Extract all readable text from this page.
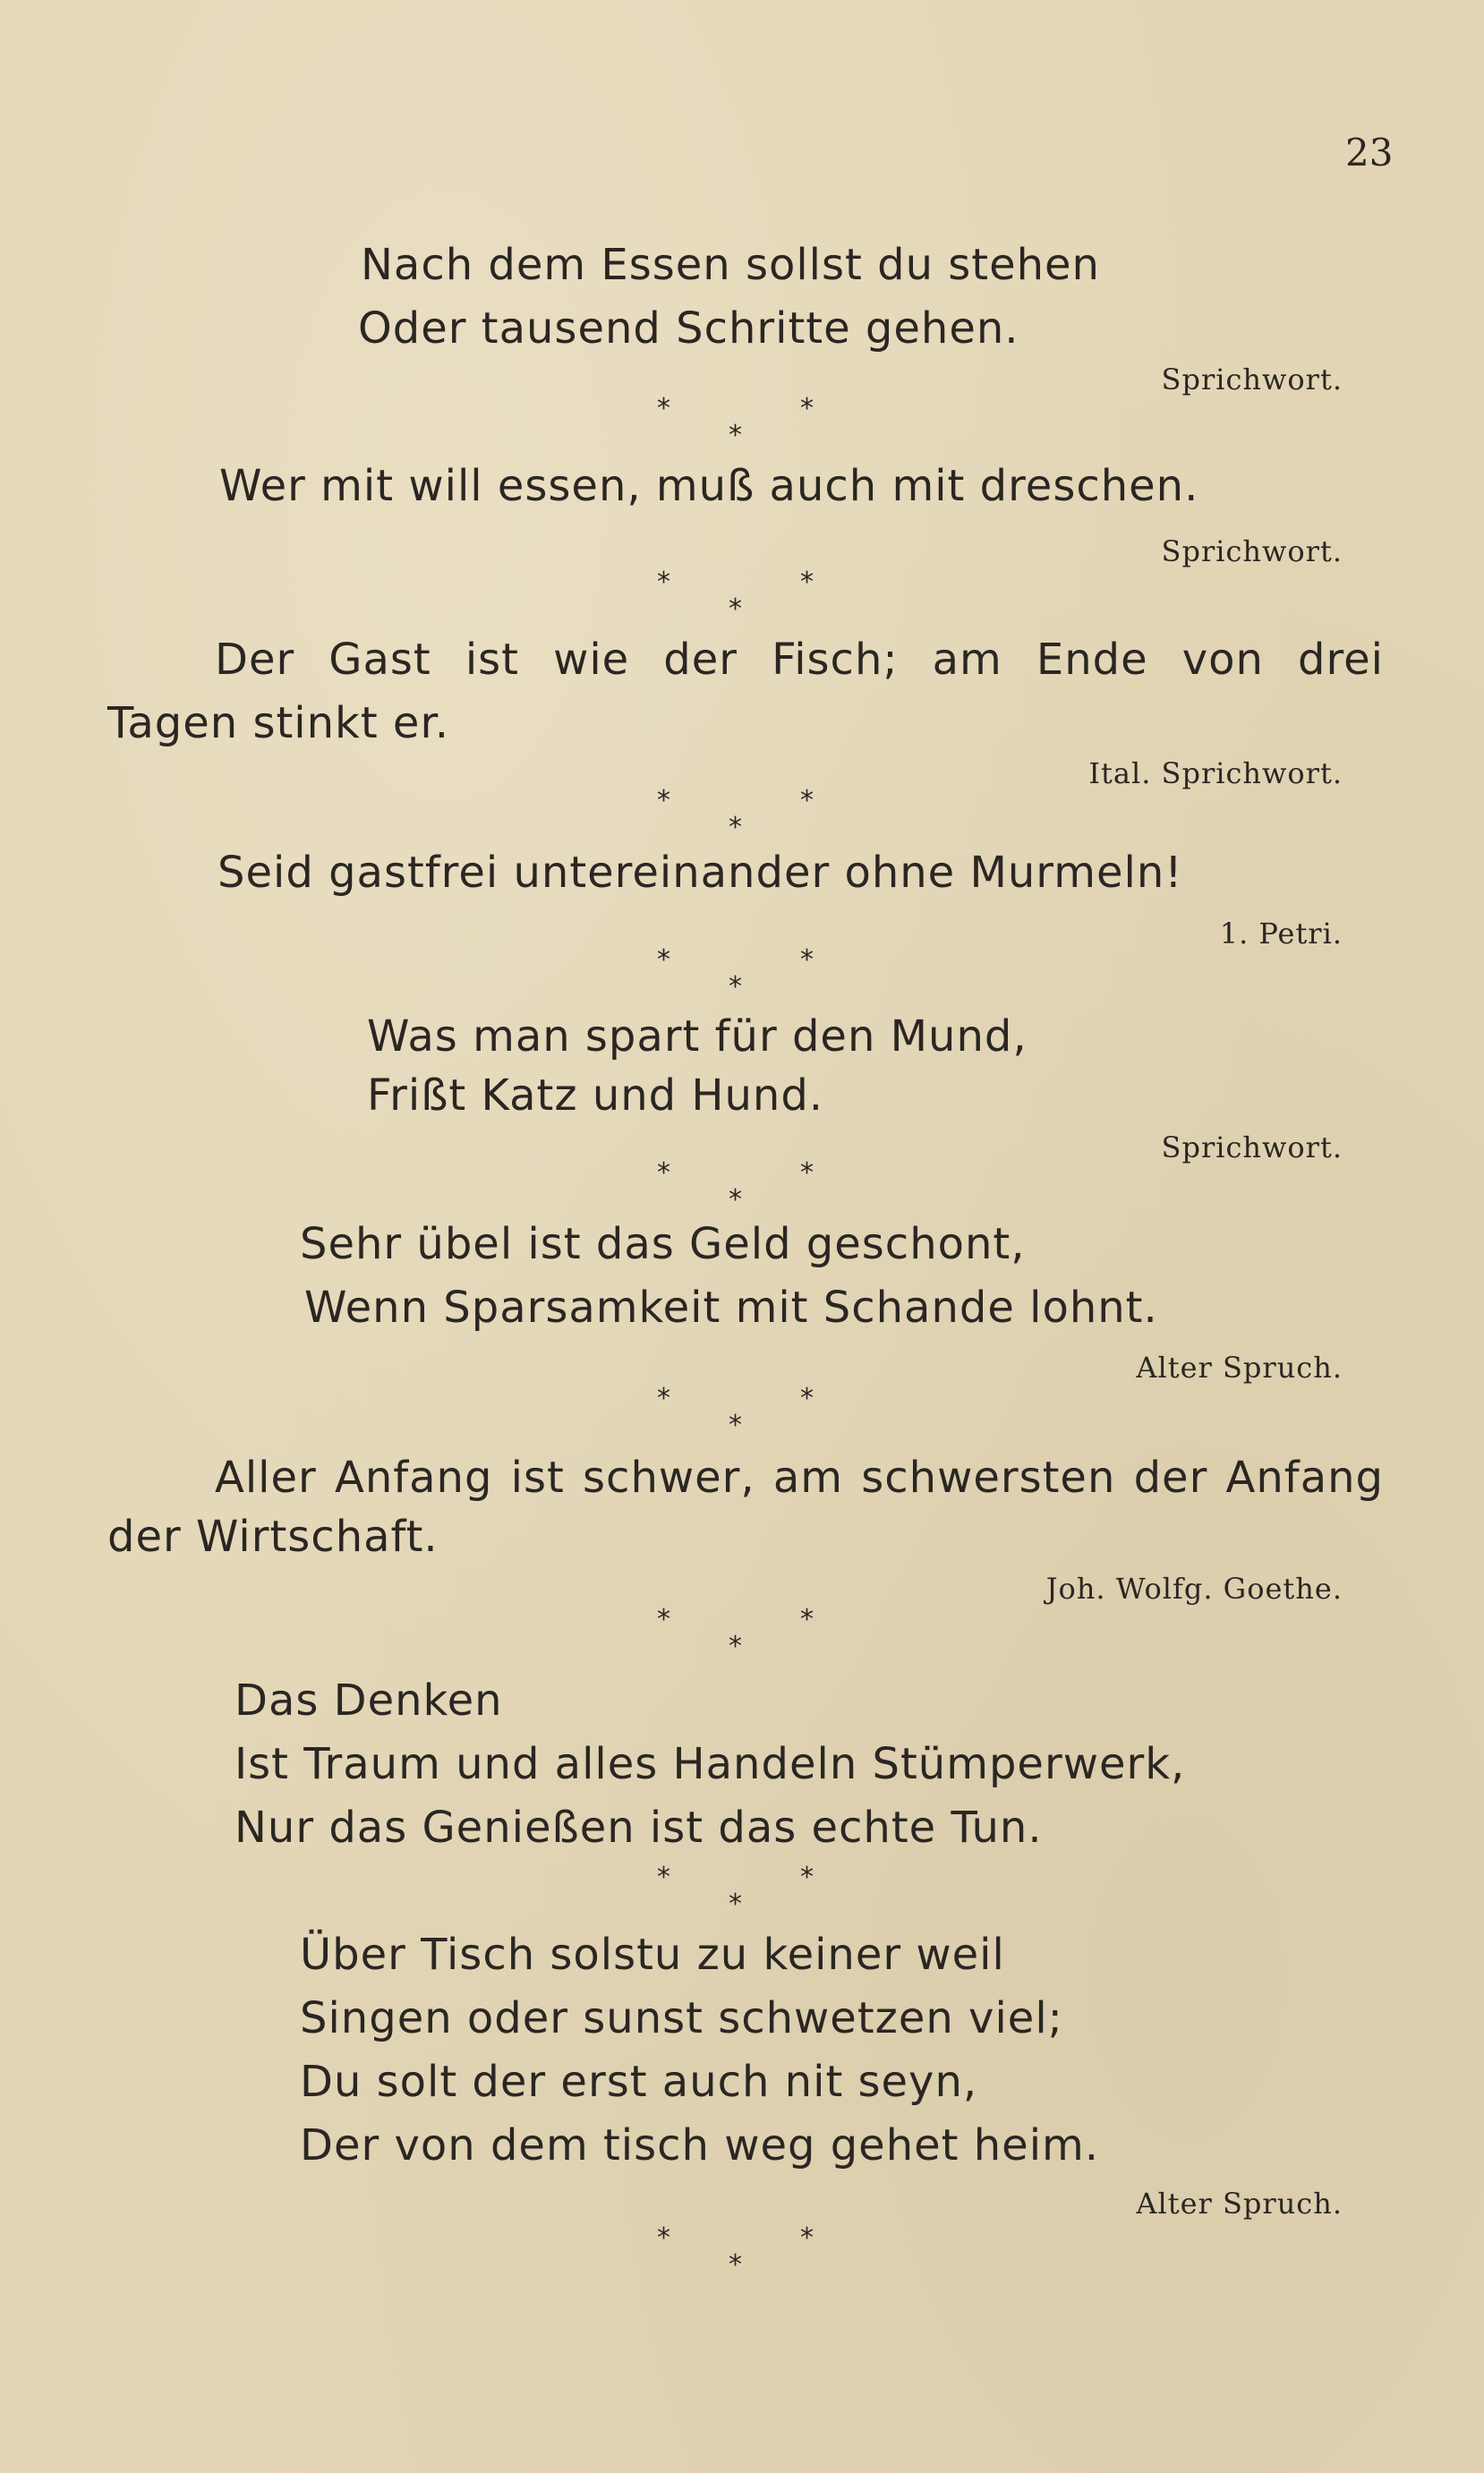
23
Nach dem Essen sollst du stehen
Oder tausend Schritte gehen.
Sprichwort.
*	*
*
Wer mit will essen, muß auch mit dreschen.
Sprichwort.
*	*
*
Der Gast ist wie der Fisch; am Ende von drei
Tagen stinkt er.
Ital. Sprichwort.
*	*
*
Seid gastfrei untereinander ohne Murmeln!
1. Petri.
*	*
*
Was man spart für den Mund,
Frißt Katz und Hund.
Sprichwort.
*	*
*
Sehr übel ist das Geld geschont,
Wenn Sparsamkeit mit Schande lohnt.
Alter Spruch.
*	*
*
Aller Anfang ist schwer, am schwersten der Anfang
der Wirtschaft.
Joh. Wolfg. Goethe.
*	*
*
Das Denken
Ist Traum und alles Handeln Stümperwerk,
Nur das Genießen ist das echte Tun.
*	*
*
Über Tisch solstu zu keiner weil
Singen oder sunst schwetzen viel;
Du solt der erst auch nit seyn,
Der von dem tisch weg gehet heim.
Alter Spruch.
*	*
*
